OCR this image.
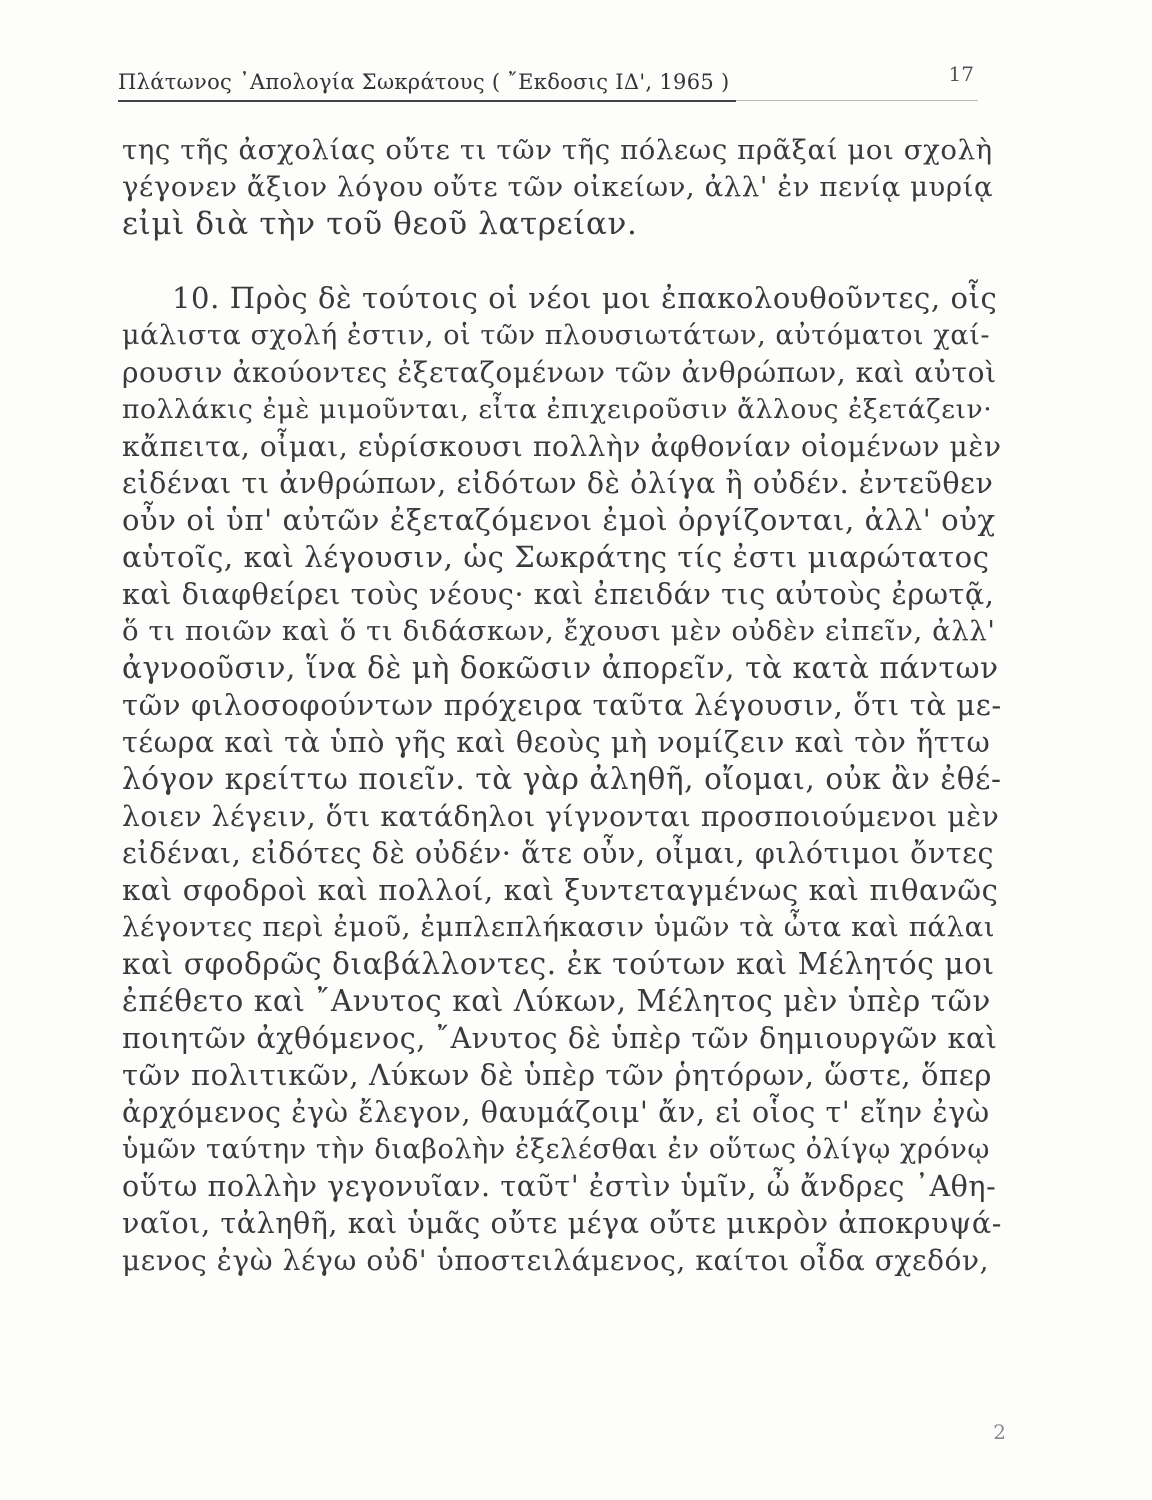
Πλάτωνος ᾿Απολογία Σωκράτους ( ῎Εκδοσις ΙΔ', 1965 )	17
της τῆς ἀσχολίας οὔτε τι τῶν τῆς πόλεως πρᾶξαί μοι σχολὴ
γέγονεν ἄξιον λόγου οὔτε τῶν οἰκείων, ἀλλ' ἐν πενίᾳ μυρίᾳ
εἰμὶ διὰ τὴν τοῦ θεοῦ λατρείαν.
10. Πρὸς δὲ τούτοις οἱ νέοι μοι ἐπακολουθοῦντες, οἷς
μάλιστα σχολή ἐστιν, οἱ τῶν πλουσιωτάτων, αὐτόματοι χαί-
ρουσιν ἀκούοντες ἐξεταζομένων τῶν ἀνθρώπων, καὶ αὐτοὶ
πολλάκις ἐμὲ μιμοῦνται, εἶτα ἐπιχειροῦσιν ἄλλους ἐξετάζειν·
κἄπειτα, οἶμαι, εὑρίσκουσι πολλὴν ἀφθονίαν οἰομένων μὲν
εἰδέναι τι ἀνθρώπων, εἰδότων δὲ ὀλίγα ἢ οὐδέν. ἐντεῦθεν
οὖν οἱ ὑπ' αὐτῶν ἐξεταζόμενοι ἐμοὶ ὀργίζονται, ἀλλ' οὐχ
αὑτοῖς, καὶ λέγουσιν, ὡς Σωκράτης τίς ἐστι μιαρώτατος
καὶ διαφθείρει τοὺς νέους· καὶ ἐπειδάν τις αὐτοὺς ἐρωτᾷ,
ὅ τι ποιῶν καὶ ὅ τι διδάσκων, ἔχουσι μὲν οὐδὲν εἰπεῖν, ἀλλ'
ἀγνοοῦσιν, ἵνα δὲ μὴ δοκῶσιν ἀπορεῖν, τὰ κατὰ πάντων
τῶν φιλοσοφούντων πρόχειρα ταῦτα λέγουσιν, ὅτι τὰ με-
τέωρα καὶ τὰ ὑπὸ γῆς καὶ θεοὺς μὴ νομίζειν καὶ τὸν ἥττω
λόγον κρείττω ποιεῖν. τὰ γὰρ ἀληθῆ, οἴομαι, οὐκ ἂν ἐθέ-
λοιεν λέγειν, ὅτι κατάδηλοι γίγνονται προσποιούμενοι μὲν
εἰδέναι, εἰδότες δὲ οὐδέν· ἅτε οὖν, οἶμαι, φιλότιμοι ὄντες
καὶ σφοδροὶ καὶ πολλοί, καὶ ξυντεταγμένως καὶ πιθανῶς
λέγοντες περὶ ἐμοῦ, ἐμπλεπλήκασιν ὑμῶν τὰ ὦτα καὶ πάλαι
καὶ σφοδρῶς διαβάλλοντες. ἐκ τούτων καὶ Μέλητός μοι
ἐπέθετο καὶ ῎Ανυτος καὶ Λύκων, Μέλητος μὲν ὑπὲρ τῶν
ποιητῶν ἀχθόμενος, ῎Ανυτος δὲ ὑπὲρ τῶν δημιουργῶν καὶ
τῶν πολιτικῶν, Λύκων δὲ ὑπὲρ τῶν ῥητόρων, ὥστε, ὅπερ
ἀρχόμενος ἐγὼ ἔλεγον, θαυμάζοιμ' ἄν, εἰ οἷος τ' εἴην ἐγὼ
ὑμῶν ταύτην τὴν διαβολὴν ἐξελέσθαι ἐν οὕτως ὀλίγῳ χρόνῳ
οὕτω πολλὴν γεγονυῖαν. ταῦτ' ἐστὶν ὑμῖν, ὦ ἄνδρες ᾿Αθη-
ναῖοι, τἀληθῆ, καὶ ὑμᾶς οὔτε μέγα οὔτε μικρὸν ἀποκρυψά-
μενος ἐγὼ λέγω οὐδ' ὑποστειλάμενος, καίτοι οἶδα σχεδόν,
2
